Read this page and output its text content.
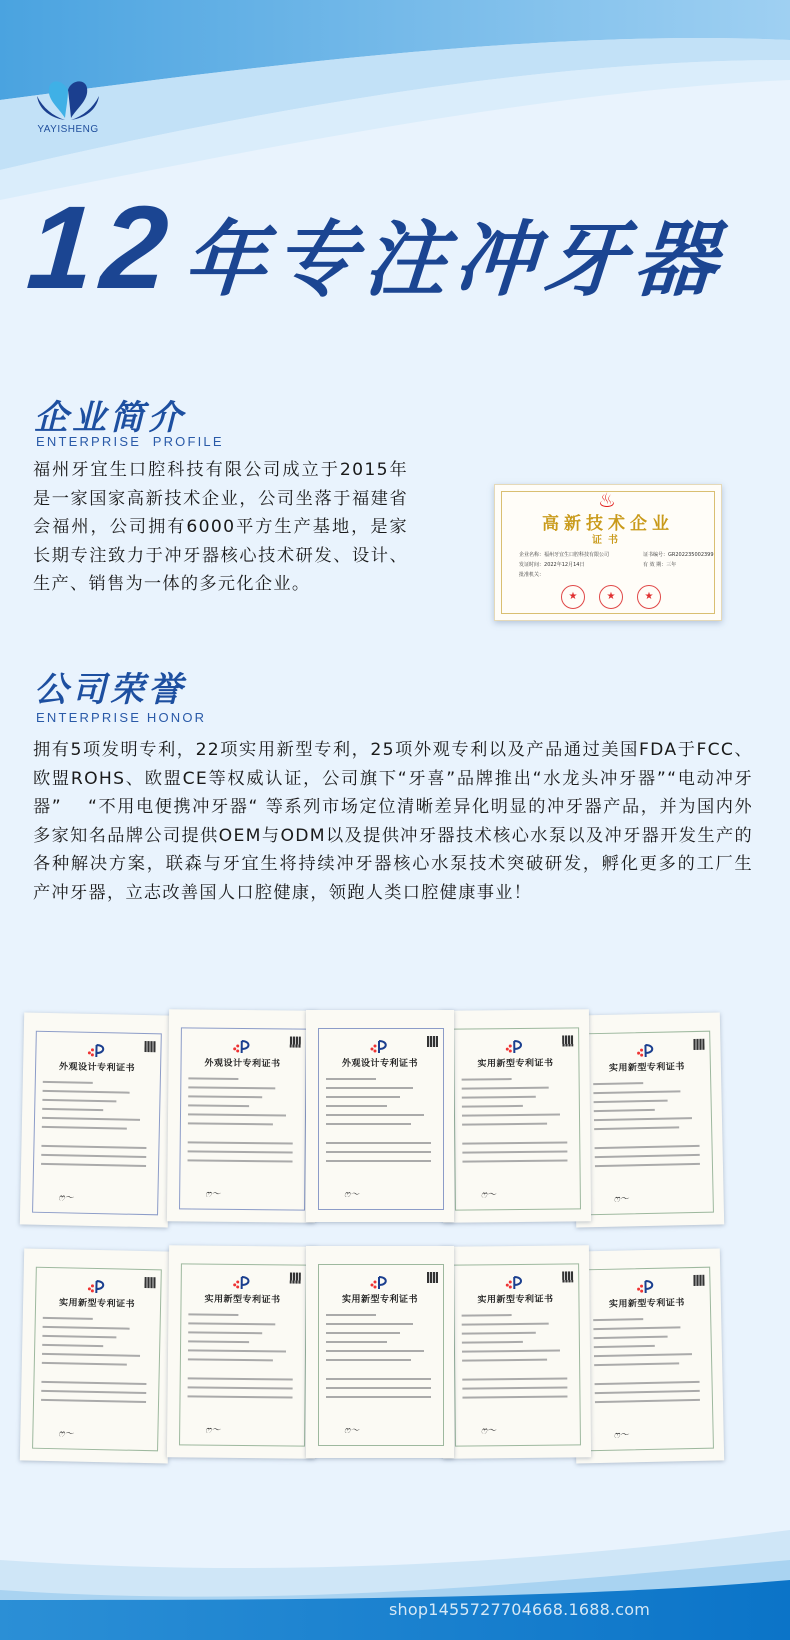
YAYISHENG
12年专注冲牙器
企业简介
ENTERPRISE  PROFILE
福州牙宜生口腔科技有限公司成立于2015年是一家国家高新技术企业，公司坐落于福建省会福州，公司拥有6000平方生产基地，是家长期专注致力于冲牙器核心技术研发、设计、生产、销售为一体的多元化企业。
♨
高新技术企业
证书
企业名称：福州牙宜生口腔科技有限公司	证书编号：GR202235002399
发证时间：2022年12月14日	有 效 期：三年
批准机关：
★	★	★
公司荣誉
ENTERPRISE HONOR
拥有5项发明专利，22项实用新型专利，25项外观专利以及产品通过美国FDA于FCC、欧盟ROHS、欧盟CE等权威认证，公司旗下“牙喜”品牌推出“水龙头冲牙器”“电动冲牙器”　 “不用电便携冲牙器“ 等系列市场定位清晰差异化明显的冲牙器产品，并为国内外多家知名品牌公司提供OEM与ODM以及提供冲牙器技术核心水泵以及冲牙器开发生产的各种解决方案，联森与牙宜生将持续冲牙器核心水泵技术突破研发，孵化更多的工厂生产冲牙器，立志改善国人口腔健康，领跑人类口腔健康事业！
外观设计专利证书
ෆ～
外观设计专利证书
ෆ～
外观设计专利证书
ෆ～
实用新型专利证书
ෆ～
实用新型专利证书
ෆ～
实用新型专利证书
ෆ～
实用新型专利证书
ෆ～
实用新型专利证书
ෆ～
实用新型专利证书
ෆ～
实用新型专利证书
ෆ～
shop1455727704668.1688.com
